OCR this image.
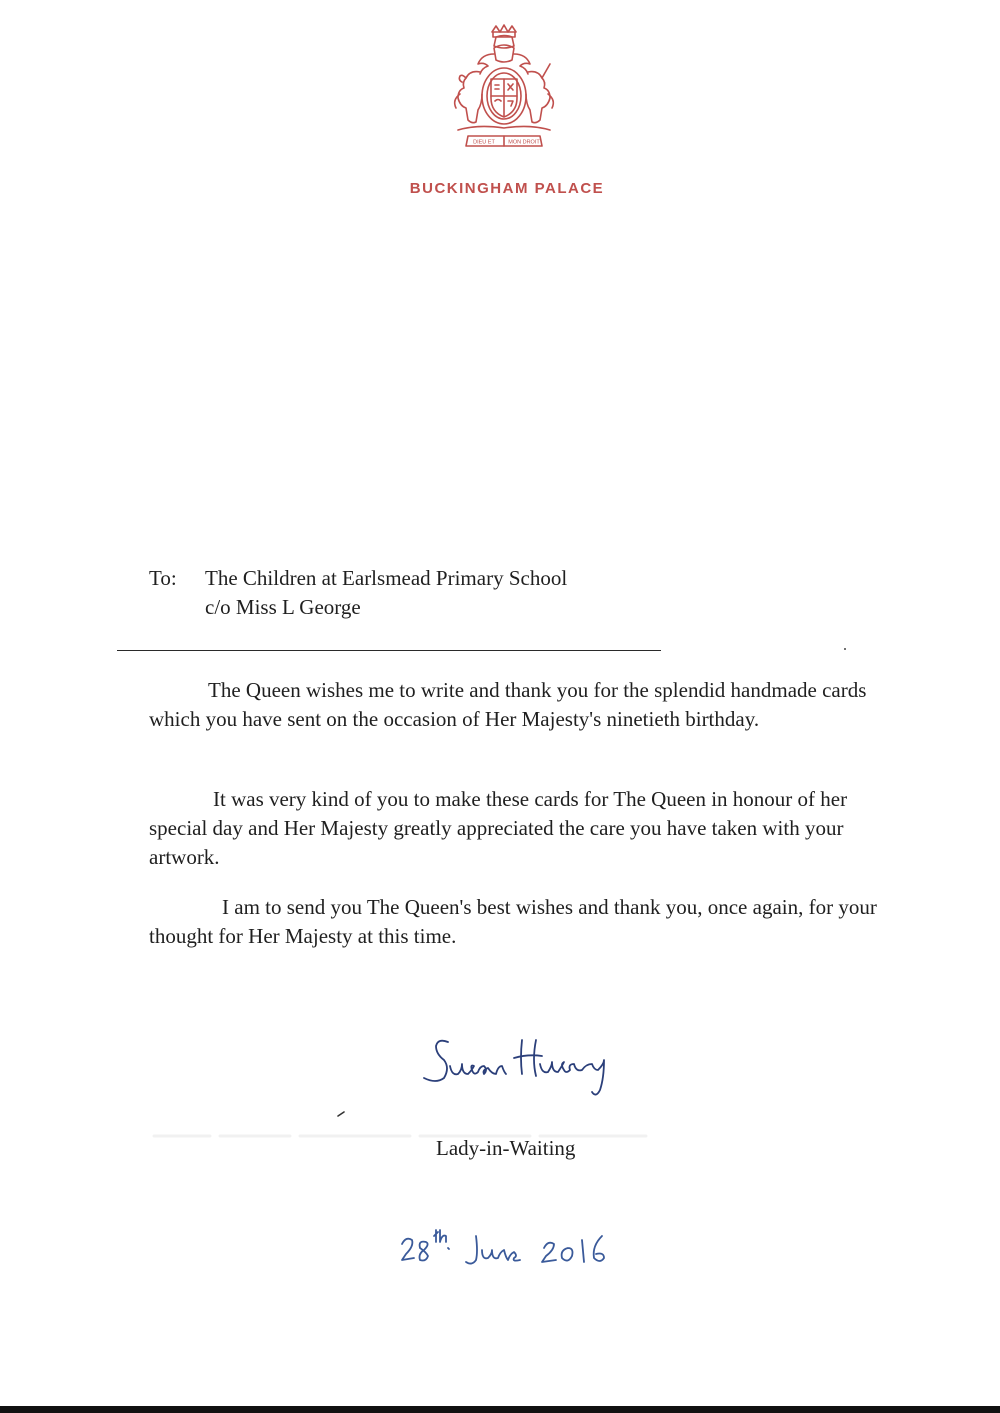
DIEU ET MON DROIT
BUCKINGHAM PALACE
To: The Children at Earlsmead Primary School
c/o Miss L George

The Queen wishes me to write and thank you for the splendid handmade cards which you have sent on the occasion of Her Majesty's ninetieth birthday.

It was very kind of you to make these cards for The Queen in honour of her special day and Her Majesty greatly appreciated the care you have taken with your artwork.

I am to send you The Queen's best wishes and thank you, once again, for your thought for Her Majesty at this time.

Lady-in-Waiting
